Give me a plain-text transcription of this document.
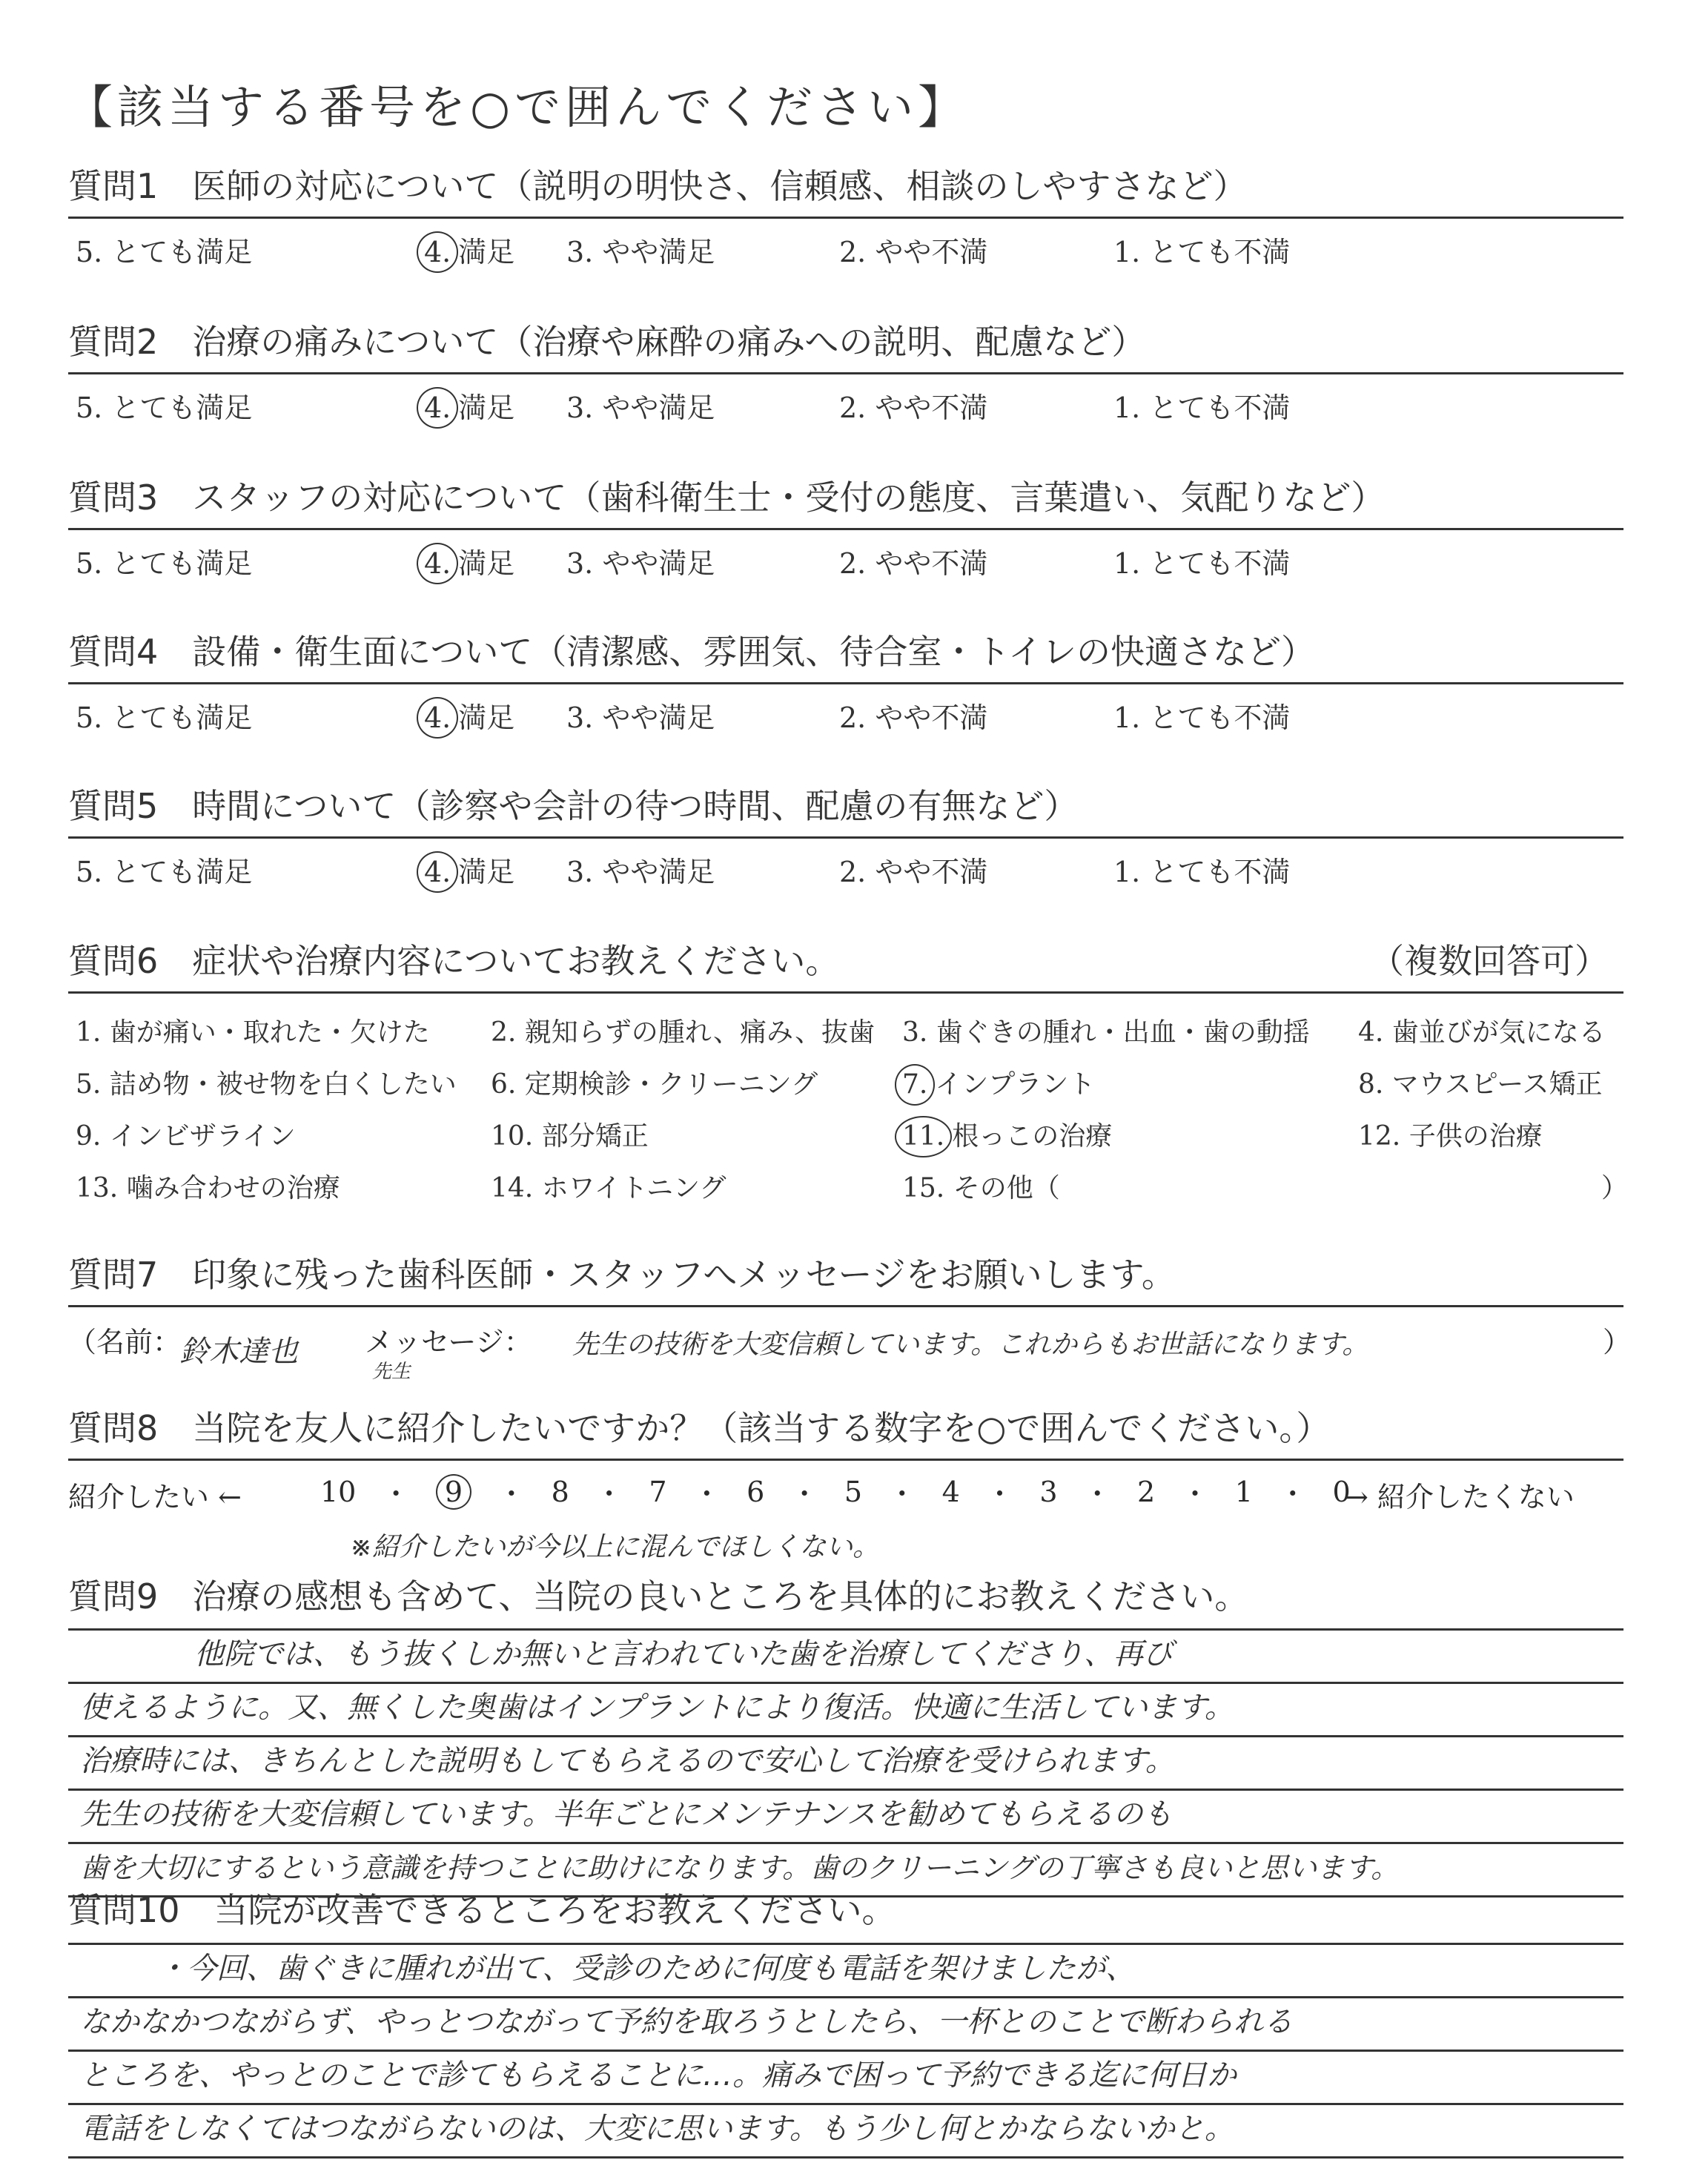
【該当する番号を○で囲んでください】
質問1　医師の対応について（説明の明快さ、信頼感、相談のしやすさなど）
5. とても満足	4. 満足 3. やや満足	2. やや不満	1. とても不満
質問2　治療の痛みについて（治療や麻酔の痛みへの説明、配慮など）
5. とても満足	4. 満足 3. やや満足	2. やや不満	1. とても不満
質問3　スタッフの対応について（歯科衛生士・受付の態度、言葉遣い、気配りなど）
5. とても満足	4. 満足 3. やや満足	2. やや不満	1. とても不満
質問4　設備・衛生面について（清潔感、雰囲気、待合室・トイレの快適さなど）
5. とても満足	4. 満足 3. やや満足	2. やや不満	1. とても不満
質問5　時間について（診察や会計の待つ時間、配慮の有無など）
5. とても満足	4. 満足 3. やや満足	2. やや不満	1. とても不満
質問6　症状や治療内容についてお教えください。	（複数回答可）
1. 歯が痛い・取れた・欠けた 2. 親知らずの腫れ、痛み、抜歯 3. 歯ぐきの腫れ・出血・歯の動揺 4. 歯並びが気になる
5. 詰め物・被せ物を白くしたい 6. 定期検診・クリーニング	7. インプラント	8. マウスピース矯正
9. インビザライン	10. 部分矯正	11. 根っこの治療	12. 子供の治療
13. 噛み合わせの治療	14. ホワイトニング	15. その他（	）
質問7　印象に残った歯科医師・スタッフへメッセージをお願いします。
（名前：
鈴木達也
先生
メッセージ： 先生の技術を大変信頼しています。これからもお世話になります。	）
質問8　当院を友人に紹介したいですか？（該当する数字を○で囲んでください。）
紹介したい ←	10 ・	9	・ 8 ・ 7 ・ 6 ・ 5 ・ 4 ・ 3 ・ 2 ・ 1 ・ 0
→ 紹介したくない
※紹介したいが今以上に混んでほしくない。
質問9　治療の感想も含めて、当院の良いところを具体的にお教えください。
他院では、もう抜くしか無いと言われていた歯を治療してくださり、再び
使えるように。又、無くした奥歯はインプラントにより復活。快適に生活しています。
治療時には、きちんとした説明もしてもらえるので安心して治療を受けられます。
先生の技術を大変信頼しています。半年ごとにメンテナンスを勧めてもらえるのも
歯を大切にするという意識を持つことに助けになります。歯のクリーニングの丁寧さも良いと思います。
質問10　当院が改善できるところをお教えください。
・今回、歯ぐきに腫れが出て、受診のために何度も電話を架けましたが、
なかなかつながらず、やっとつながって予約を取ろうとしたら、一杯とのことで断わられる
ところを、やっとのことで診てもらえることに…。痛みで困って予約できる迄に何日か
電話をしなくてはつながらないのは、大変に思います。もう少し何とかならないかと。
